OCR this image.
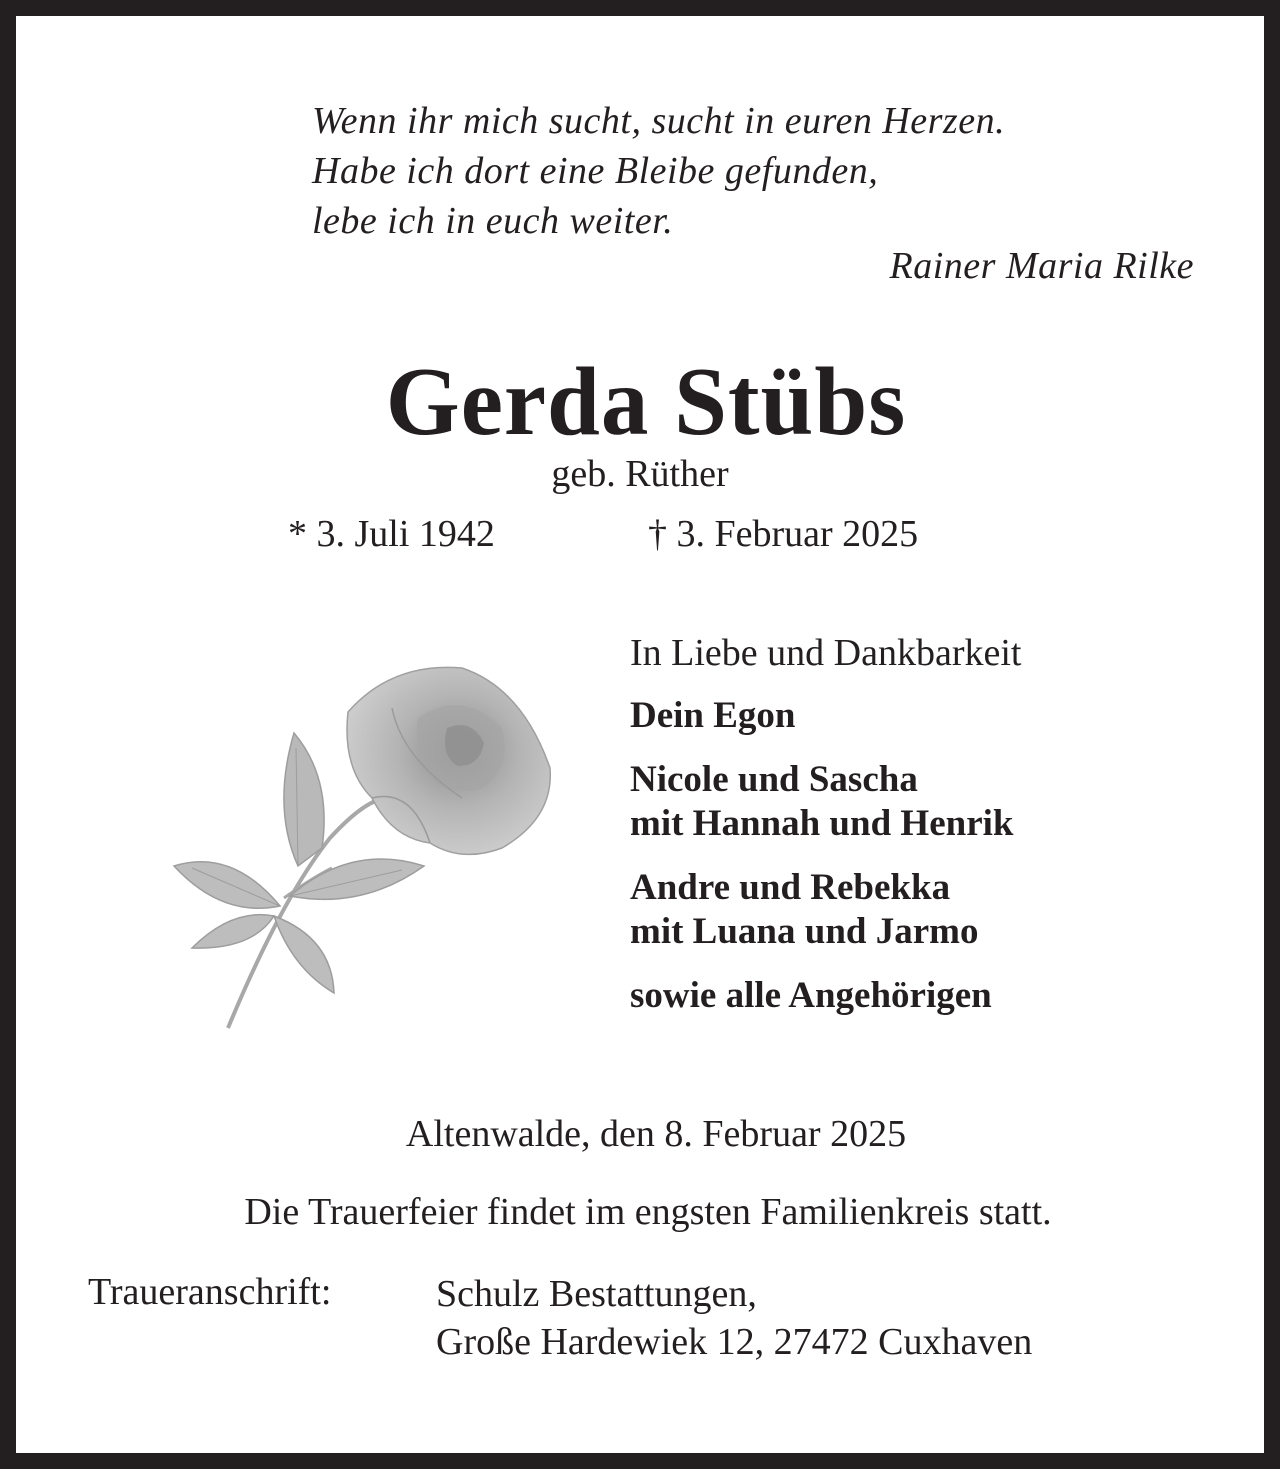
Wenn ihr mich sucht, sucht in euren Herzen.
Habe ich dort eine Bleibe gefunden,
lebe ich in euch weiter.
Rainer Maria Rilke
Gerda Stübs
geb. Rüther
* 3. Juli 1942	† 3. Februar 2025
In Liebe und Dankbarkeit
Dein Egon
Nicole und Sascha
mit Hannah und Henrik
Andre und Rebekka
mit Luana und Jarmo
sowie alle Angehörigen
Altenwalde, den 8. Februar 2025
Die Trauerfeier findet im engsten Familienkreis statt.
Traueranschrift:	Schulz Bestattungen,
Große Hardewiek 12, 27472 Cuxhaven
